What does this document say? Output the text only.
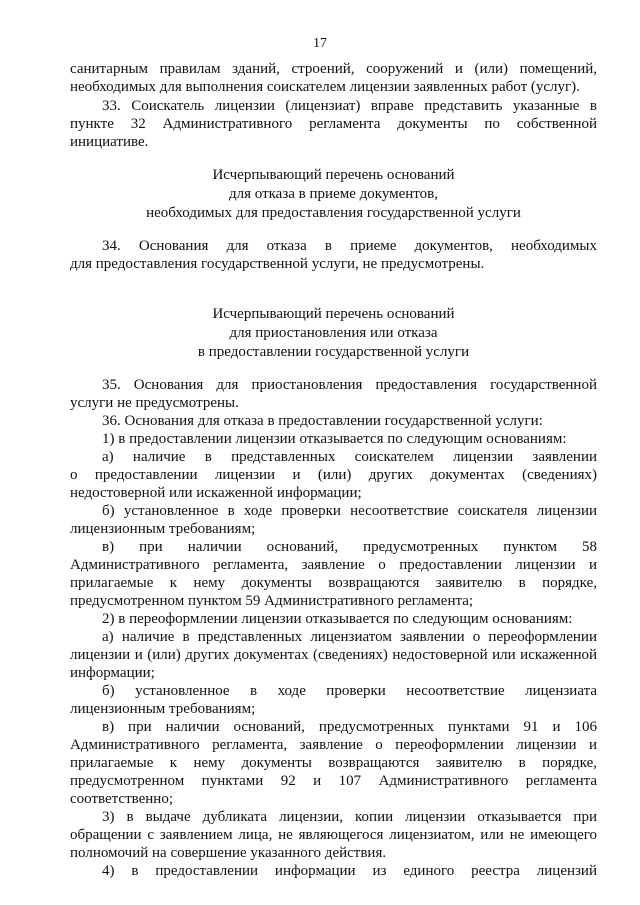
17

санитарным правилам зданий, строений, сооружений и (или) помещений,

необходимых для выполнения соискателем лицензии заявленных работ (услуг).

33. Соискатель лицензии (лицензиат) вправе представить указанные в

пункте 32 Административного регламента документы по собственной

инициативе.

Исчерпывающий перечень оснований

для отказа в приеме документов,

необходимых для предоставления государственной услуги

34. Основания для отказа в приеме документов, необходимых

для предоставления государственной услуги, не предусмотрены.

Исчерпывающий перечень оснований

для приостановления или отказа

в предоставлении государственной услуги

35. Основания для приостановления предоставления государственной

услуги не предусмотрены.

36. Основания для отказа в предоставлении государственной услуги:

1) в предоставлении лицензии отказывается по следующим основаниям:

а) наличие в представленных соискателем лицензии заявлении

о предоставлении лицензии и (или) других документах (сведениях)

недостоверной или искаженной информации;

б) установленное в ходе проверки несоответствие соискателя лицензии

лицензионным требованиям;

в) при наличии оснований, предусмотренных пунктом 58

Административного регламента, заявление о предоставлении лицензии и

прилагаемые к нему документы возвращаются заявителю в порядке,

предусмотренном пунктом 59 Административного регламента;

2) в переоформлении лицензии отказывается по следующим основаниям:

а) наличие в представленных лицензиатом заявлении о переоформлении

лицензии и (или) других документах (сведениях) недостоверной или искаженной

информации;

б) установленное в ходе проверки несоответствие лицензиата

лицензионным требованиям;

в) при наличии оснований, предусмотренных пунктами 91 и 106

Административного регламента, заявление о переоформлении лицензии и

прилагаемые к нему документы возвращаются заявителю в порядке,

предусмотренном пунктами 92 и 107 Административного регламента

соответственно;

3) в выдаче дубликата лицензии, копии лицензии отказывается при

обращении с заявлением лица, не являющегося лицензиатом, или не имеющего

полномочий на совершение указанного действия.

4) в предоставлении информации из единого реестра лицензий
